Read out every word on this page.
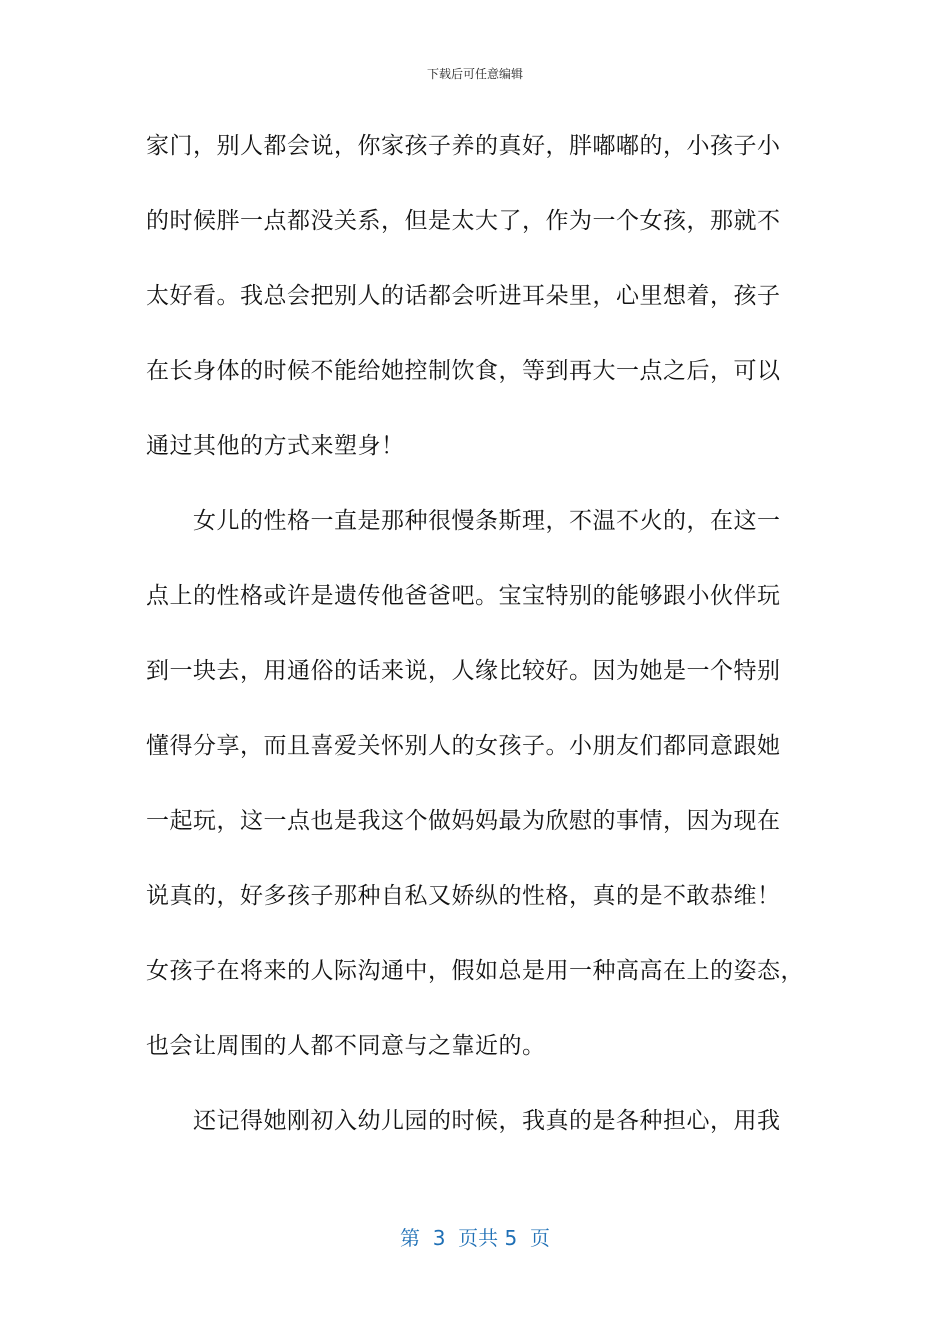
下载后可任意编辑
家门，别人都会说，你家孩子养的真好，胖嘟嘟的，小孩子小
的时候胖一点都没关系，但是太大了，作为一个女孩，那就不
太好看。我总会把别人的话都会听进耳朵里，心里想着，孩子
在长身体的时候不能给她控制饮食，等到再大一点之后，可以
通过其他的方式来塑身！
女儿的性格一直是那种很慢条斯理，不温不火的，在这一
点上的性格或许是遗传他爸爸吧。宝宝特别的能够跟小伙伴玩
到一块去，用通俗的话来说，人缘比较好。因为她是一个特别
懂得分享，而且喜爱关怀别人的女孩子。小朋友们都同意跟她
一起玩，这一点也是我这个做妈妈最为欣慰的事情，因为现在
说真的，好多孩子那种自私又娇纵的性格，真的是不敢恭维！
女孩子在将来的人际沟通中，假如总是用一种高高在上的姿态，
也会让周围的人都不同意与之靠近的。
还记得她刚初入幼儿园的时候，我真的是各种担心，用我
第  3  页共 5  页
